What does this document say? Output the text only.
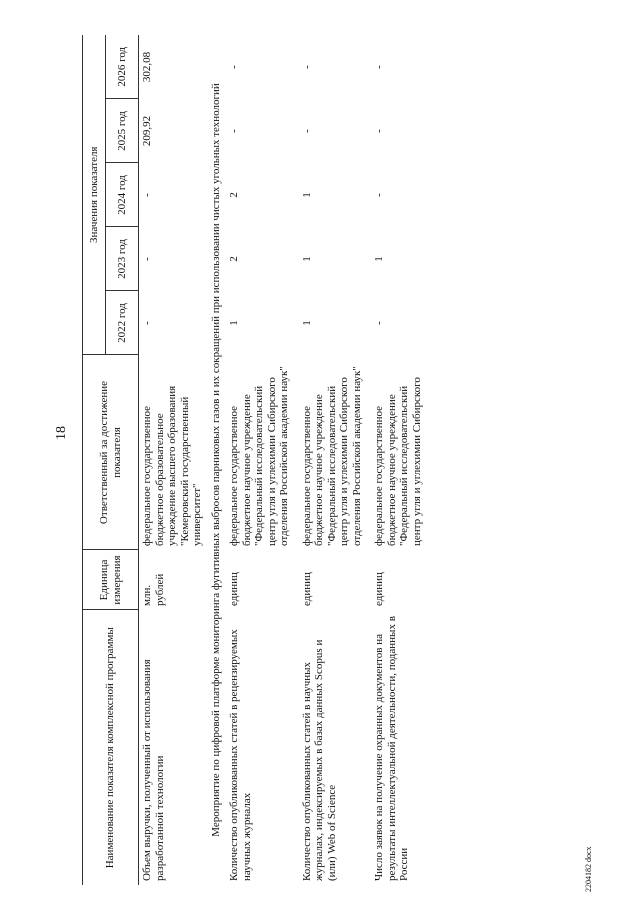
18
Наименование показателя комплексной программы	Единица измерения	Ответственный за достижение показателя	Значения показателя				
			2022 год	2023 год	2024 год	2025 год	2026 год
Объем выручки, полученный от использования разработанной технологии	млн. рублей	федеральное государственное бюджетное образовательное учреждение высшего образования "Кемеровский государственный университет"	-	-	-	209,92	302,08
Мероприятие по цифровой платформе мониторинга фугитивных выбросов парниковых газов и их сокращений при использовании чистых угольных технологий							
Количество опубликованных статей в рецензируемых научных журналах	единиц	федеральное государственное бюджетное научное учреждение "Федеральный исследовательский центр угля и углехимии Сибирского отделения Российской академии наук"	1	2	2	-	-

Количество опубликованных статей в научных журналах, индексируемых в базах данных Scopus и (или) Web of Science	единиц	федеральное государственное бюджетное научное учреждение "Федеральный исследовательский центр угля и углехимии Сибирского отделения Российской академии наук"	1	1	1	-	-

Число заявок на получение охранных документов на результаты интеллектуальной деятельности, поданных в России	единиц	федеральное государственное бюджетное научное учреждение "Федеральный исследовательский центр угля и углехимии Сибирского	-	1	-	-	-
2204182 docx
